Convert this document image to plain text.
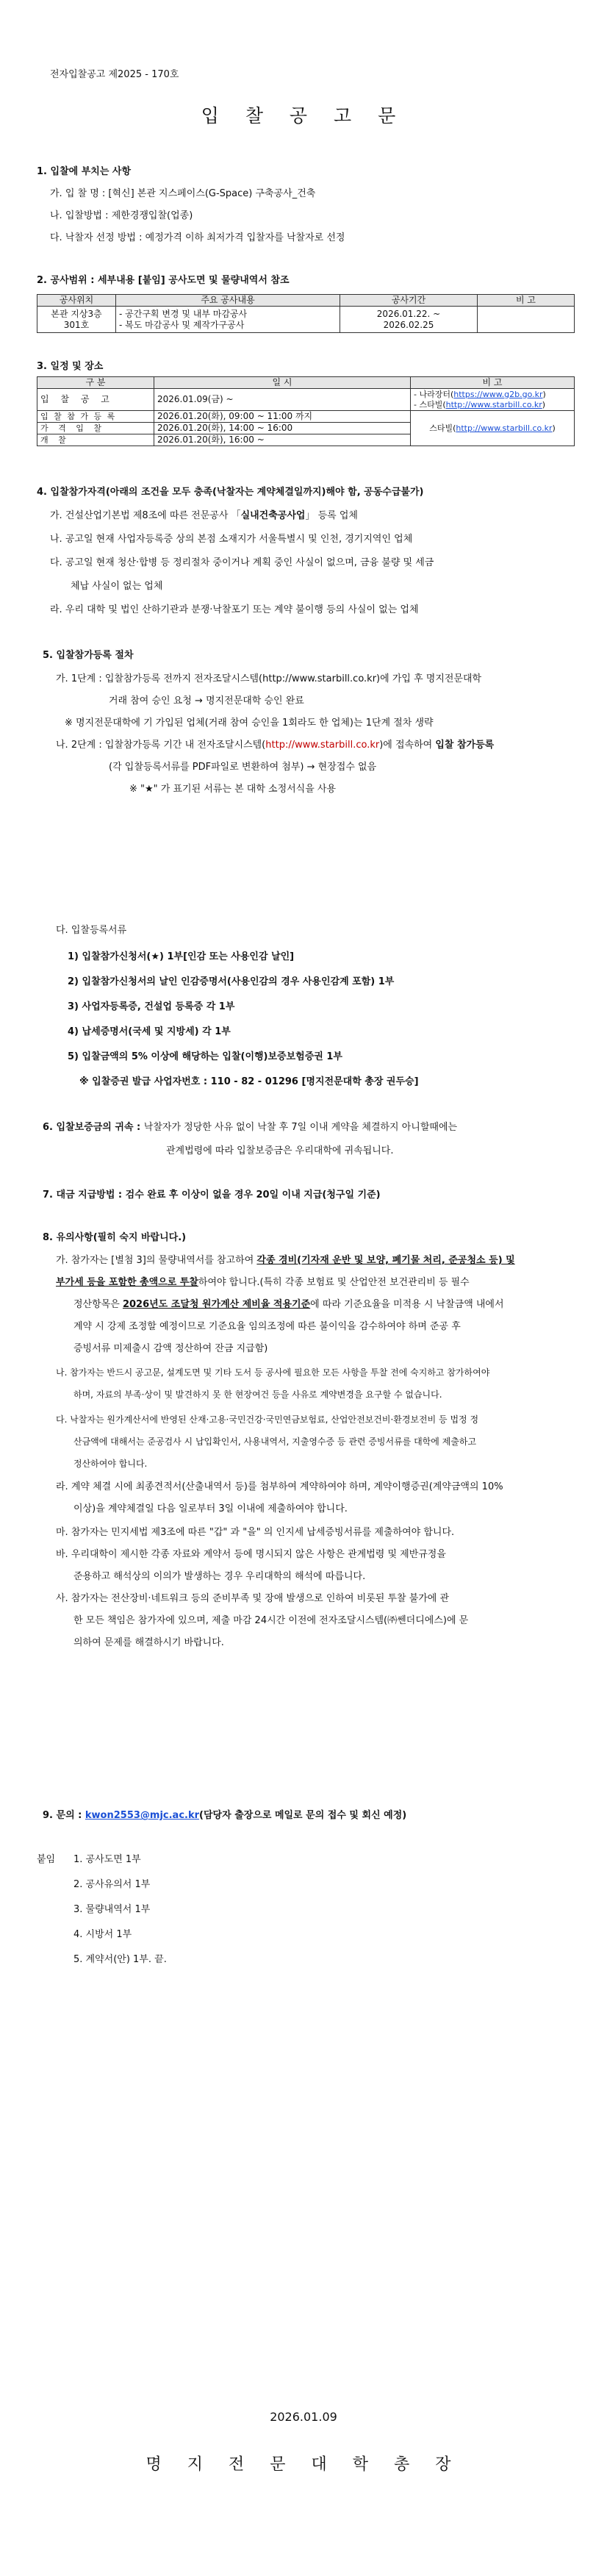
전자입찰공고 제2025 - 170호
입 찰 공 고 문
1. 입찰에 부치는 사항
가. 입 찰 명 : [혁신] 본관 지스페이스(G-Space) 구축공사_건축
나. 입찰방법 : 제한경쟁입찰(업종)
다. 낙찰자 선정 방법 : 예정가격 이하 최저가격 입찰자를 낙찰자로 선정
2. 공사범위 : 세부내용 [붙임] 공사도면 및 물량내역서 참조
공사위치	주요 공사내용	공사기간	비 고
본관 지상3층
301호	- 공간구획 변경 및 내부 마감공사
- 복도 마감공사 및 제작가구공사	2026.01.22. ~
2026.02.25	
3. 일정 및 장소
구 분	일 시	비 고
입 찰 공 고	2026.01.09(금) ~	- 나라장터(https://www.g2b.go.kr)
- 스타빌(http://www.starbill.co.kr)

입 찰 참 가 등 록	2026.01.20(화), 09:00 ~ 11:00 까지	스타빌(http://www.starbill.co.kr)
가 격 입 찰	2026.01.20(화), 14:00 ~ 16:00	
개 찰	2026.01.20(화), 16:00 ~	
4. 입찰참가자격(아래의 조건을 모두 충족(낙찰자는 계약체결일까지)해야 함, 공동수급불가)
가. 건설산업기본법 제8조에 따른 전문공사 「실내건축공사업」 등록 업체
나. 공고일 현재 사업자등록증 상의 본점 소재지가 서울특별시 및 인천, 경기지역인 업체
다. 공고일 현재 청산·합병 등 정리절차 중이거나 계획 중인 사실이 없으며, 금융 불량 및 세금
체납 사실이 없는 업체
라. 우리 대학 및 법인 산하기관과 분쟁·낙찰포기 또는 계약 불이행 등의 사실이 없는 업체
5. 입찰참가등록 절차
가. 1단계 : 입찰참가등록 전까지 전자조달시스템(http://www.starbill.co.kr)에 가입 후 명지전문대학
거래 참여 승인 요청 → 명지전문대학 승인 완료
※ 명지전문대학에 기 가입된 업체(거래 참여 승인을 1회라도 한 업체)는 1단계 절차 생략
나. 2단계 : 입찰참가등록 기간 내 전자조달시스템(http://www.starbill.co.kr)에 접속하여 입찰 참가등록
(각 입찰등록서류를 PDF파일로 변환하여 첨부) → 현장접수 없음
※ "★" 가 표기된 서류는 본 대학 소정서식을 사용
다. 입찰등록서류
1) 입찰참가신청서(★) 1부[인감 또는 사용인감 날인]
2) 입찰참가신청서의 날인 인감증명서(사용인감의 경우 사용인감계 포함) 1부
3) 사업자등록증, 건설업 등록증 각 1부
4) 납세증명서(국세 및 지방세) 각 1부
5) 입찰금액의 5% 이상에 해당하는 입찰(이행)보증보험증권 1부
※ 입찰증권 발급 사업자번호 : 110 - 82 - 01296 [명지전문대학 총장 권두승]
6. 입찰보증금의 귀속 : 낙찰자가 정당한 사유 없이 낙찰 후 7일 이내 계약을 체결하지 아니할때에는
관계법령에 따라 입찰보증금은 우리대학에 귀속됩니다.
7. 대금 지급방법 : 검수 완료 후 이상이 없을 경우 20일 이내 지급(청구일 기준)
8. 유의사항(필히 숙지 바랍니다.)
가. 참가자는 [별첨 3]의 물량내역서를 참고하여 각종 경비(기자재 운반 및 보양, 폐기물 처리, 준공청소 등) 및
부가세 등을 포함한 총액으로 투찰하여야 합니다.(특히 각종 보험료 및 산업안전 보건관리비 등 필수
정산항목은 2026년도 조달청 원가계산 제비율 적용기준에 따라 기준요율을 미적용 시 낙찰금액 내에서
계약 시 강제 조정할 예정이므로 기준요율 임의조정에 따른 불이익을 감수하여야 하며 준공 후
증빙서류 미제출시 감액 정산하여 잔금 지급함)
나. 참가자는 반드시 공고문, 설계도면 및 기타 도서 등 공사에 필요한 모든 사항을 투찰 전에 숙지하고 참가하여야
하며, 자료의 부족·상이 및 발견하지 못 한 현장여건 등을 사유로 계약변경을 요구할 수 없습니다.
다. 낙찰자는 원가계산서에 반영된 산재·고용·국민건강·국민연금보험료, 산업안전보건비·환경보전비 등 법정 정
산금액에 대해서는 준공검사 시 납입확인서, 사용내역서, 지출영수증 등 관련 증빙서류를 대학에 제출하고
정산하여야 합니다.
라. 계약 체결 시에 최종견적서(산출내역서 등)를 첨부하여 계약하여야 하며, 계약이행증권(계약금액의 10%
이상)을 계약체결일 다음 일로부터 3일 이내에 제출하여야 합니다.
마. 참가자는 민지세법 제3조에 따른 "갑" 과 "을" 의 인지세 납세증빙서류를 제출하여야 합니다.
바. 우리대학이 제시한 각종 자료와 계약서 등에 명시되지 않은 사항은 관계법령 및 제반규정을
준용하고 해석상의 이의가 발생하는 경우 우리대학의 해석에 따릅니다.
사. 참가자는 전산장비·네트워크 등의 준비부족 및 장애 발생으로 인하여 비롯된 투찰 불가에 관
한 모든 책임은 참가자에 있으며, 제출 마감 24시간 이전에 전자조달시스템(㈜쎈더디에스)에 문
의하여 문제를 해결하시기 바랍니다.
9. 문의 : kwon2553@mjc.ac.kr(담당자 출장으로 메일로 문의 접수 및 회신 예정)
붙임 1. 공사도면 1부
2. 공사유의서 1부
3. 물량내역서 1부
4. 시방서 1부
5. 계약서(안) 1부. 끝.
2026.01.09
명 지 전 문 대 학 총 장
